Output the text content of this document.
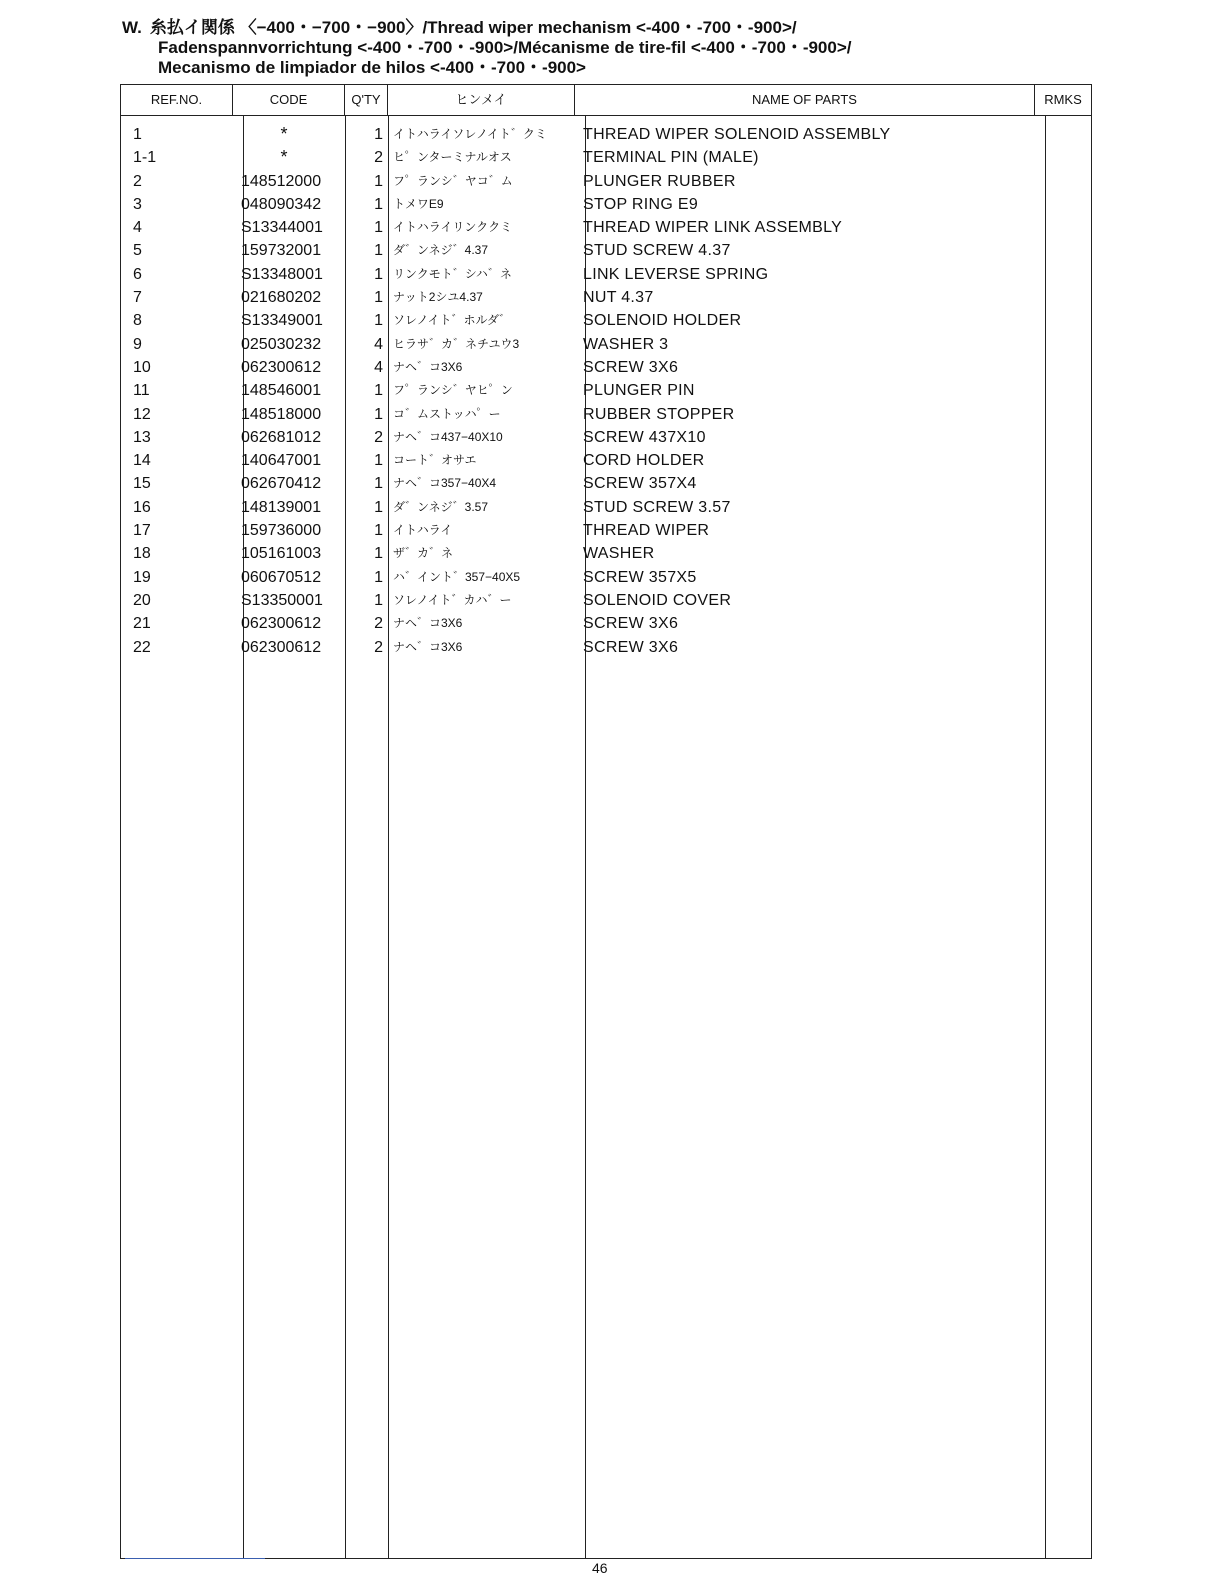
W. 糸払イ関係 〈−400・−700・−900〉/Thread wiper mechanism <-400・-700・-900>/
Fadenspannvorrichtung <-400・-700・-900>/Mécanisme de tire-fil <-400・-700・-900>/
Mecanismo de limpiador de hilos <-400・-700・-900>
REF.NO.	CODE	Q'TY	ヒンメイ	NAME OF PARTS	RMKS
1	*	1 イトハライソレノイト゛クミ	THREAD WIPER SOLENOID ASSEMBLY
1-1	*	2 ヒ゜ンターミナルオス	TERMINAL PIN (MALE)
2	148512000	1 フ゜ランシ゛ヤコ゛ム	PLUNGER RUBBER
3	048090342	1 トメワE9	STOP RING E9
4	S13344001	1 イトハライリンククミ	THREAD WIPER LINK ASSEMBLY
5	159732001	1 ダ゛ンネジ゛4.37	STUD SCREW 4.37
6	S13348001	1 リンクモト゛シハ゛ネ	LINK LEVERSE SPRING
7	021680202	1 ナット2シユ4.37	NUT 4.37
8	S13349001	1 ソレノイト゛ホルダ゛	SOLENOID HOLDER
9	025030232	4 ヒラサ゛カ゛ネチユウ3	WASHER 3
10	062300612	4 ナヘ゛コ3X6	SCREW 3X6
11	148546001	1 フ゜ランシ゛ヤヒ゜ン	PLUNGER PIN
12	148518000	1 コ゛ムストッハ゜ー	RUBBER STOPPER
13	062681012	2 ナヘ゛コ437−40X10	SCREW 437X10
14	140647001	1 コート゛オサエ	CORD HOLDER
15	062670412	1 ナヘ゛コ357−40X4	SCREW 357X4
16	148139001	1 ダ゛ンネジ゛3.57	STUD SCREW 3.57
17	159736000	1 イトハライ	THREAD WIPER
18	105161003	1 ザ゛カ゛ネ	WASHER
19	060670512	1 ハ゛イント゛357−40X5	SCREW 357X5
20	S13350001	1 ソレノイト゛カハ゛ー	SOLENOID COVER
21	062300612	2 ナヘ゛コ3X6	SCREW 3X6
22	062300612	2 ナヘ゛コ3X6	SCREW 3X6
46
